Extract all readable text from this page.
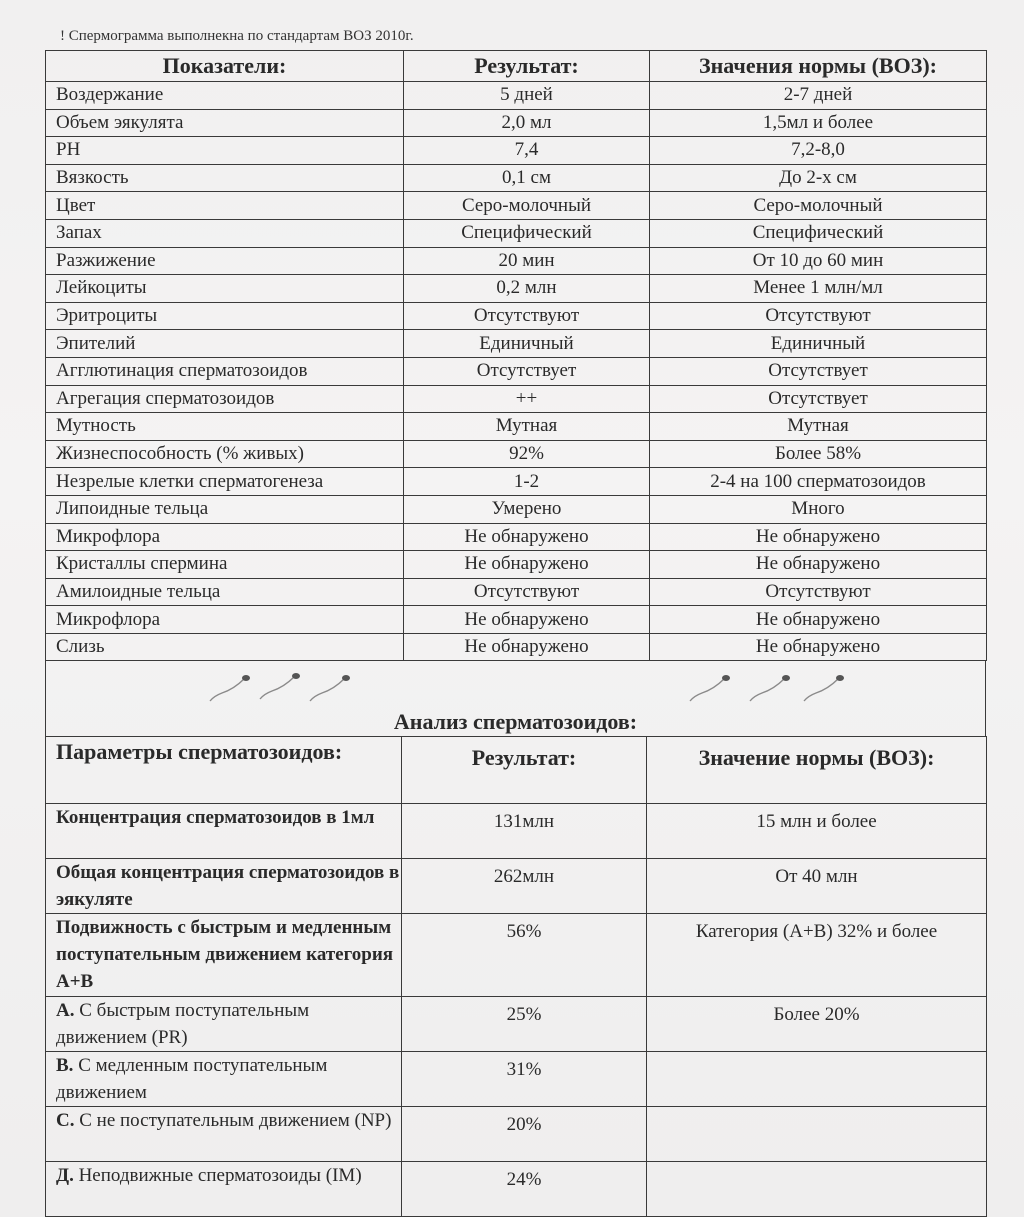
! Спермограмма выполнекна по стандартам ВОЗ 2010г.
Показатели:	Результат:	Значения нормы (ВОЗ):
Воздержание	5 дней	2-7 дней
Объем эякулята	2,0 мл	1,5мл и более
PH	7,4	7,2-8,0
Вязкость	0,1 см	До 2-х см
Цвет	Серо-молочный	Серо-молочный
Запах	Специфический	Специфический
Разжижение	20 мин	От 10 до 60 мин
Лейкоциты	0,2 млн	Менее 1 млн/мл
Эритроциты	Отсутствуют	Отсутствуют
Эпителий	Единичный	Единичный
Агглютинация сперматозоидов	Отсутствует	Отсутствует
Агрегация сперматозоидов	++	Отсутствует
Мутность	Мутная	Мутная
Жизнеспособность (% живых)	92%	Более 58%
Незрелые клетки сперматогенеза	1-2	2-4 на 100 сперматозоидов
Липоидные тельца	Умерено	Много
Микрофлора	Не обнаружено	Не обнаружено
Кристаллы спермина	Не обнаружено	Не обнаружено
Амилоидные тельца	Отсутствуют	Отсутствуют
Микрофлора	Не обнаружено	Не обнаружено
Слизь	Не обнаружено	Не обнаружено
Анализ сперматозоидов:
Параметры сперматозоидов:	Результат:	Значение нормы (ВОЗ):
Концентрация сперматозоидов в 1мл	131млн	15 млн и более
Общая концентрация сперматозоидов в эякуляте	262млн	От 40 млн
Подвижность с быстрым и медленным поступательным движением категория А+В	56%	Категория (А+В) 32% и более
А. С быстрым поступательным движением (PR)	25%	Более 20%
В. С медленным поступательным движением	31%	
С. С не поступательным движением (NP)	20%	
Д. Неподвижные сперматозоиды (IM)	24%	
